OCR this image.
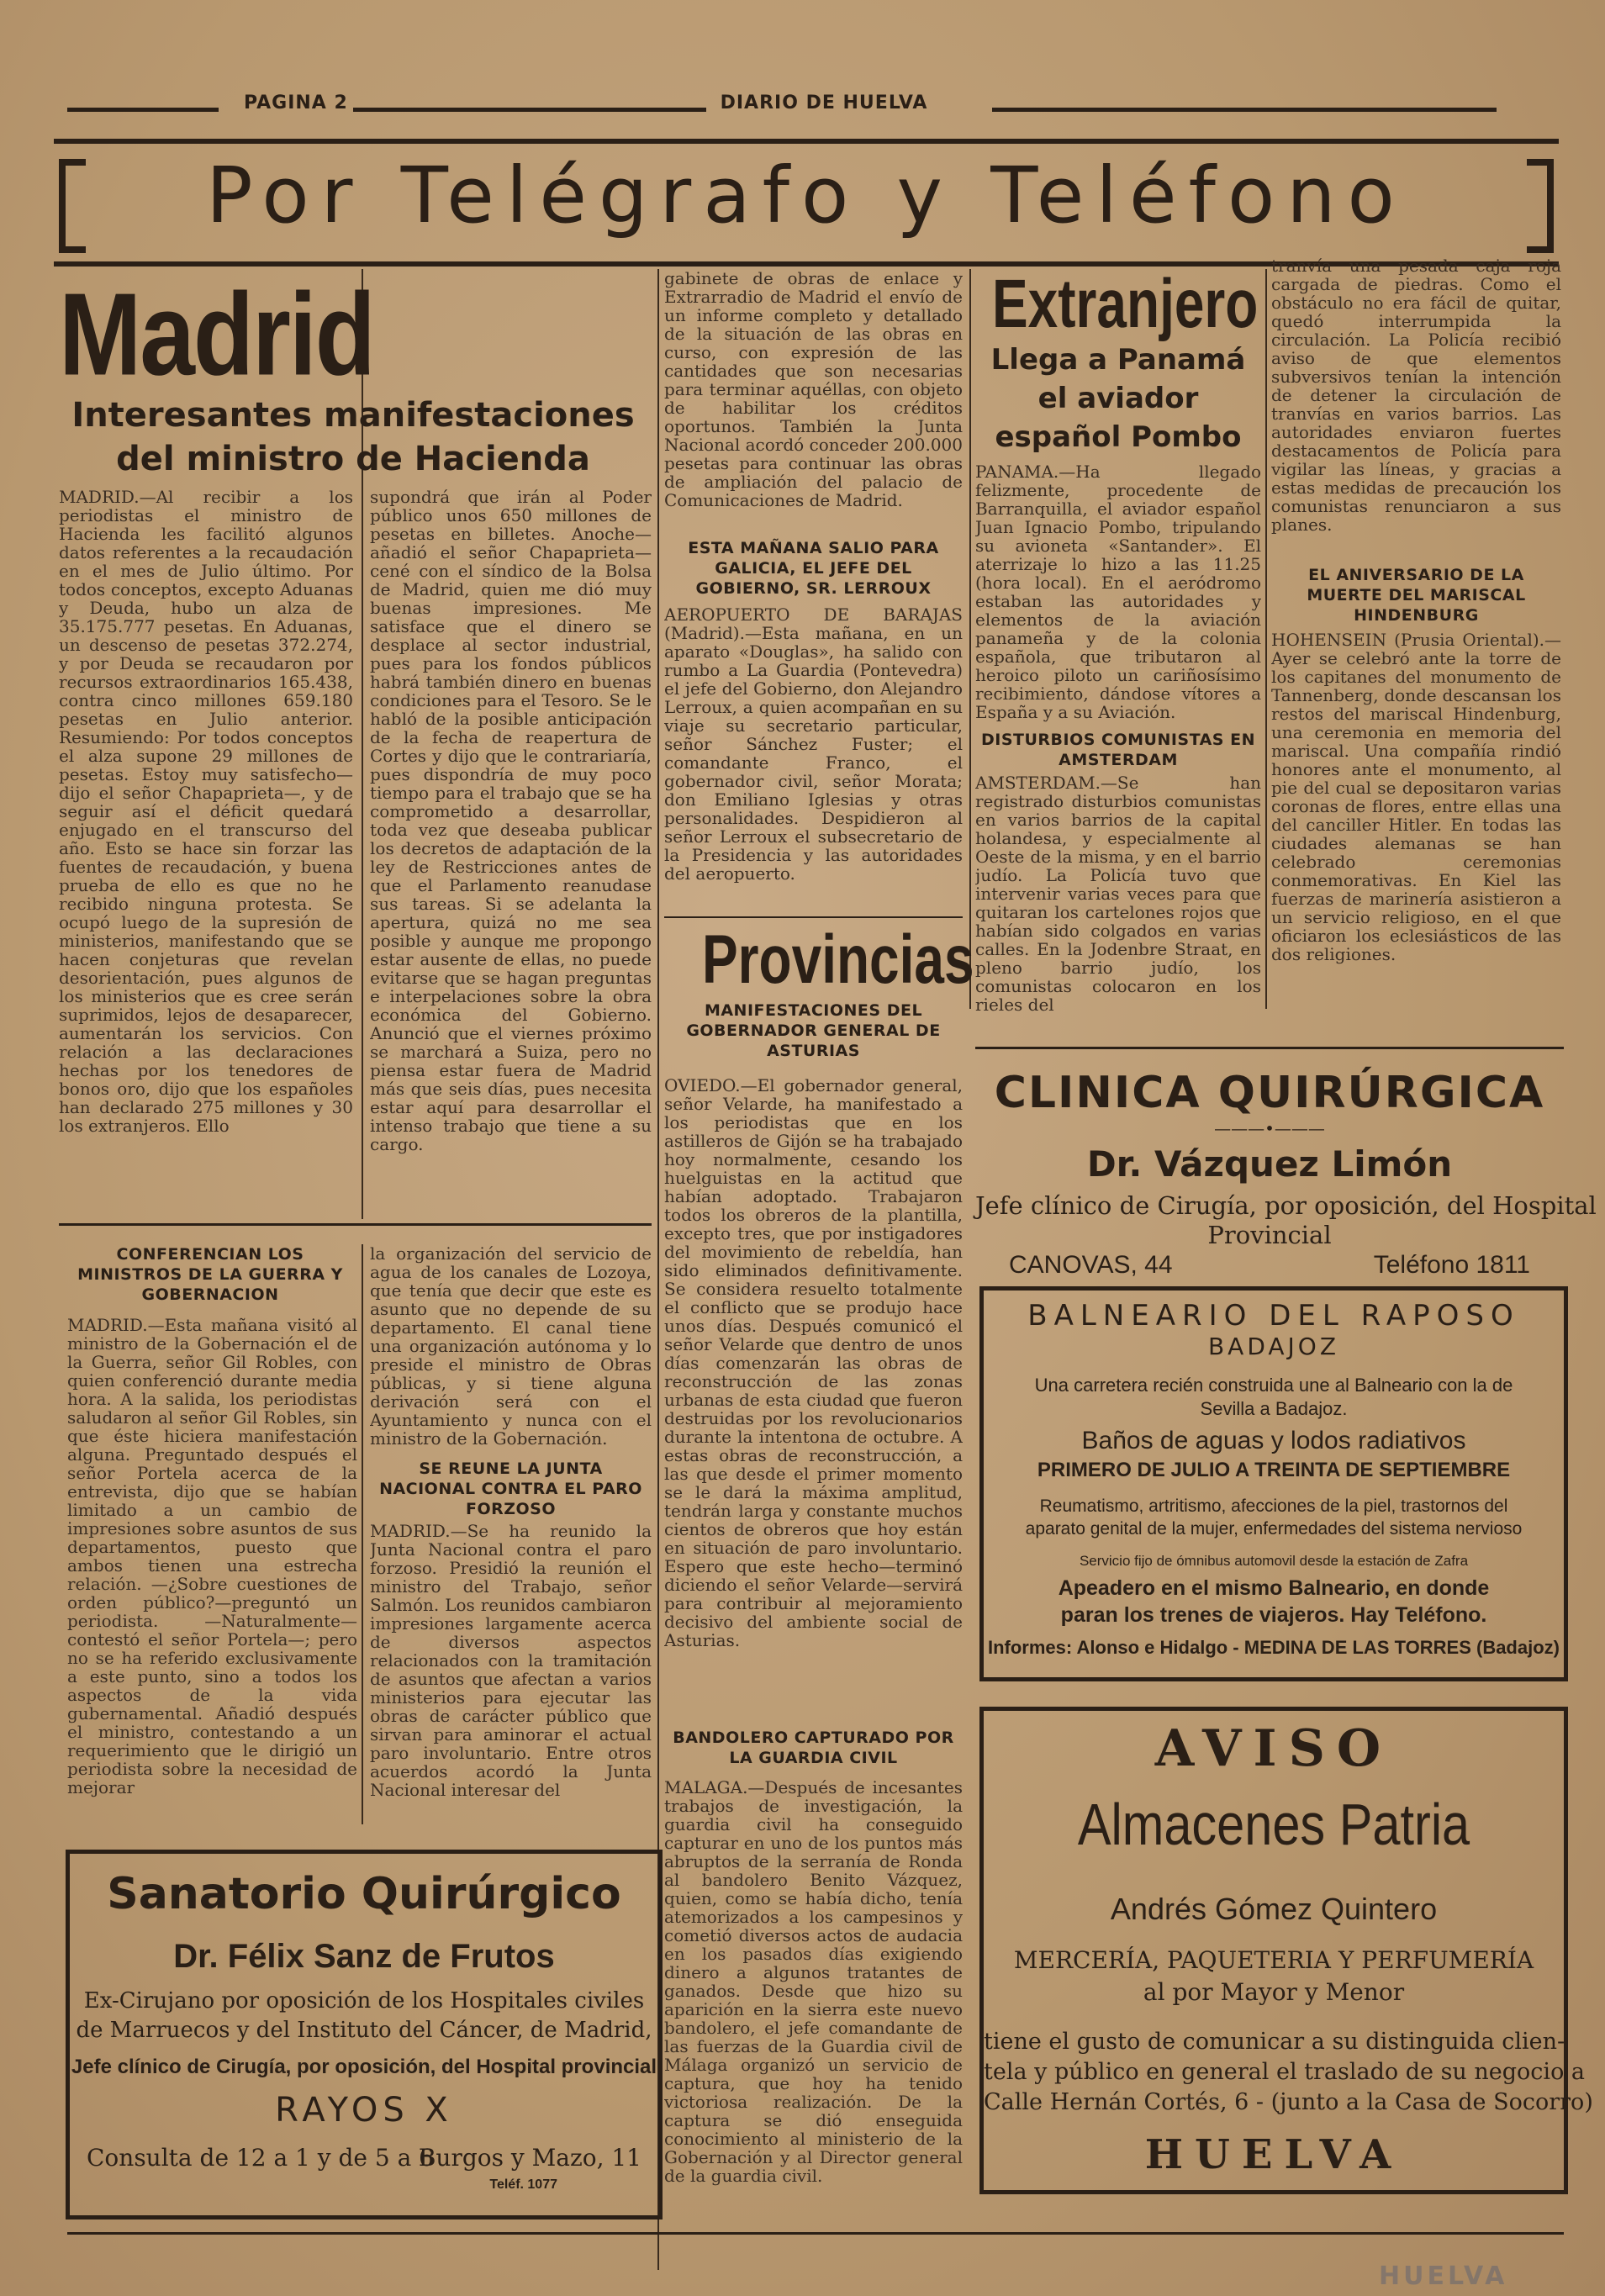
PAGINA 2	DIARIO DE HUELVA
Por Telégrafo y Teléfono
Madrid
Interesantes manifestaciones del ministro de Hacienda
MADRID.—Al recibir a los periodistas el ministro de Hacienda les facilitó algunos datos referentes a la recaudación en el mes de Julio último. Por todos conceptos, excepto Aduanas y Deuda, hubo un alza de 35.175.777 pesetas. En Aduanas, un descenso de pesetas 372.274, y por Deuda se recaudaron por recursos extraordinarios 165.438, contra cinco millones 659.180 pesetas en Julio anterior. Resumiendo: Por todos conceptos el alza supone 29 millones de pesetas. Estoy muy satisfecho—dijo el señor Chapaprieta—, y de seguir así el déficit quedará enjugado en el transcurso del año. Esto se hace sin forzar las fuentes de recaudación, y buena prueba de ello es que no he recibido ninguna protesta. Se ocupó luego de la supresión de ministerios, manifestando que se hacen conjeturas que revelan desorientación, pues algunos de los ministerios que es cree serán suprimidos, lejos de desaparecer, aumentarán los servicios. Con relación a las declaraciones hechas por los tenedores de bonos oro, dijo que los españoles han declarado 275 millones y 30 los extranjeros. Ello
supondrá que irán al Poder público unos 650 millones de pesetas en billetes. Anoche—añadió el señor Chapaprieta—cené con el síndico de la Bolsa de Madrid, quien me dió muy buenas impresiones. Me satisface que el dinero se desplace al sector industrial, pues para los fondos públicos habrá también dinero en buenas condiciones para el Tesoro. Se le habló de la posible anticipación de la fecha de reapertura de Cortes y dijo que le contrariaría, pues dispondría de muy poco tiempo para el trabajo que se ha comprometido a desarrollar, toda vez que deseaba publicar los decretos de adaptación de la ley de Restricciones antes de que el Parlamento reanudase sus tareas. Si se adelanta la apertura, quizá no me sea posible y aunque me propongo estar ausente de ellas, no puede evitarse que se hagan preguntas e interpelaciones sobre la obra económica del Gobierno. Anunció que el viernes próximo se marchará a Suiza, pero no piensa estar fuera de Madrid más que seis días, pues necesita estar aquí para desarrollar el intenso trabajo que tiene a su cargo.
CONFERENCIAN LOS MINISTROS DE LA GUERRA Y GOBERNACION
MADRID.—Esta mañana visitó al ministro de la Gobernación el de la Guerra, señor Gil Robles, con quien conferenció durante media hora. A la salida, los periodistas saludaron al señor Gil Robles, sin que éste hiciera manifestación alguna. Preguntado después el señor Portela acerca de la entrevista, dijo que se habían limitado a un cambio de impresiones sobre asuntos de sus departamentos, puesto que ambos tienen una estrecha relación. —¿Sobre cuestiones de orden público?—preguntó un periodista. —Naturalmente—contestó el señor Portela—; pero no se ha referido exclusivamente a este punto, sino a todos los aspectos de la vida gubernamental. Añadió después el ministro, contestando a un requerimiento que le dirigió un periodista sobre la necesidad de mejorar
la organización del servicio de agua de los canales de Lozoya, que tenía que decir que este es asunto que no depende de su departamento. El canal tiene una organización autónoma y lo preside el ministro de Obras públicas, y si tiene alguna derivación será con el Ayuntamiento y nunca con el ministro de la Gobernación.
SE REUNE LA JUNTA NACIONAL CONTRA EL PARO FORZOSO
MADRID.—Se ha reunido la Junta Nacional contra el paro forzoso. Presidió la reunión el ministro del Trabajo, señor Salmón. Los reunidos cambiaron impresiones largamente acerca de diversos aspectos relacionados con la tramitación de asuntos que afectan a varios ministerios para ejecutar las obras de carácter público que sirvan para aminorar el actual paro involuntario. Entre otros acuerdos acordó la Junta Nacional interesar del
gabinete de obras de enlace y Extrarradio de Madrid el envío de un informe completo y detallado de la situación de las obras en curso, con expresión de las cantidades que son necesarias para terminar aquéllas, con objeto de habilitar los créditos oportunos. También la Junta Nacional acordó conceder 200.000 pesetas para continuar las obras de ampliación del palacio de Comunicaciones de Madrid.
ESTA MAÑANA SALIO PARA GALICIA, EL JEFE DEL GOBIERNO, SR. LERROUX
AEROPUERTO DE BARAJAS (Madrid).—Esta mañana, en un aparato «Douglas», ha salido con rumbo a La Guardia (Pontevedra) el jefe del Gobierno, don Alejandro Lerroux, a quien acompañan en su viaje su secretario particular, señor Sánchez Fuster; el comandante Franco, el gobernador civil, señor Morata; don Emiliano Iglesias y otras personalidades. Despidieron al señor Lerroux el subsecretario de la Presidencia y las autoridades del aeropuerto.
Provincias
MANIFESTACIONES DEL GOBERNADOR GENERAL DE ASTURIAS
OVIEDO.—El gobernador general, señor Velarde, ha manifestado a los periodistas que en los astilleros de Gijón se ha trabajado hoy normalmente, cesando los huelguistas en la actitud que habían adoptado. Trabajaron todos los obreros de la plantilla, excepto tres, que por instigadores del movimiento de rebeldía, han sido eliminados definitivamente. Se considera resuelto totalmente el conflicto que se produjo hace unos días. Después comunicó el señor Velarde que dentro de unos días comenzarán las obras de reconstrucción de las zonas urbanas de esta ciudad que fueron destruidas por los revolucionarios durante la intentona de octubre. A estas obras de reconstrucción, a las que desde el primer momento se le dará la máxima amplitud, tendrán larga y constante muchos cientos de obreros que hoy están en situación de paro involuntario. Espero que este hecho—terminó diciendo el señor Velarde—servirá para contribuir al mejoramiento decisivo del ambiente social de Asturias.
BANDOLERO CAPTURADO POR LA GUARDIA CIVIL
MALAGA.—Después de incesantes trabajos de investigación, la guardia civil ha conseguido capturar en uno de los puntos más abruptos de la serranía de Ronda al bandolero Benito Vázquez, quien, como se había dicho, tenía atemorizados a los campesinos y cometió diversos actos de audacia en los pasados días exigiendo dinero a algunos tratantes de ganados. Desde que hizo su aparición en la sierra este nuevo bandolero, el jefe comandante de las fuerzas de la Guardia civil de Málaga organizó un servicio de captura, que hoy ha tenido victoriosa realización. De la captura se dió enseguida conocimiento al ministerio de la Gobernación y al Director general de la guardia civil.
Extranjero
Llega a Panamá el aviador español Pombo
PANAMA.—Ha llegado felizmente, procedente de Barranquilla, el aviador español Juan Ignacio Pombo, tripulando su avioneta «Santander». El aterrizaje lo hizo a las 11.25 (hora local). En el aeródromo estaban las autoridades y elementos de la aviación panameña y de la colonia española, que tributaron al heroico piloto un cariñosísimo recibimiento, dándose vítores a España y a su Aviación.
DISTURBIOS COMUNISTAS EN AMSTERDAM
AMSTERDAM.—Se han registrado disturbios comunistas en varios barrios de la capital holandesa, y especialmente al Oeste de la misma, y en el barrio judío. La Policía tuvo que intervenir varias veces para que quitaran los cartelones rojos que habían sido colgados en varias calles. En la Jodenbre Straat, en pleno barrio judío, los comunistas colocaron en los rieles del
tranvía una pesada caja roja cargada de piedras. Como el obstáculo no era fácil de quitar, quedó interrumpida la circulación. La Policía recibió aviso de que elementos subversivos tenían la intención de detener la circulación de tranvías en varios barrios. Las autoridades enviaron fuertes destacamentos de Policía para vigilar las líneas, y gracias a estas medidas de precaución los comunistas renunciaron a sus planes.
EL ANIVERSARIO DE LA MUERTE DEL MARISCAL HINDENBURG
HOHENSEIN (Prusia Oriental).—Ayer se celebró ante la torre de los capitanes del monumento de Tannenberg, donde descansan los restos del mariscal Hindenburg, una ceremonia en memoria del mariscal. Una compañía rindió honores ante el monumento, al pie del cual se depositaron varias coronas de flores, entre ellas una del canciller Hitler. En todas las ciudades alemanas se han celebrado ceremonias conmemorativas. En Kiel las fuerzas de marinería asistieron a un servicio religioso, en el que oficiaron los eclesiásticos de las dos religiones.
CLINICA QUIRÚRGICA
———•———
Dr. Vázquez Limón
Jefe clínico de Cirugía, por oposición, del Hospital
Provincial
CANOVAS, 44	Teléfono 1811
BALNEARIO DEL RAPOSO
BADAJOZ
Una carretera recién construida une al Balneario con la de
Sevilla a Badajoz.
Baños de aguas y lodos radiativos
PRIMERO DE JULIO A TREINTA DE SEPTIEMBRE
Reumatismo, artritismo, afecciones de la piel, trastornos del
aparato genital de la mujer, enfermedades del sistema nervioso
Servicio fijo de ómnibus automovil desde la estación de Zafra
Apeadero en el mismo Balneario, en donde
paran los trenes de viajeros. Hay Teléfono.
Informes: Alonso e Hidalgo - MEDINA DE LAS TORRES (Badajoz)
Sanatorio Quirúrgico
Dr. Félix Sanz de Frutos
Ex-Cirujano por oposición de los Hospitales civiles
de Marruecos y del Instituto del Cáncer, de Madrid,
Jefe clínico de Cirugía, por oposición, del Hospital provincial
RAYOS X
Consulta de 12 a 1 y de 5 a 6
Burgos y Mazo, 11
Teléf. 1077
AVISO
Almacenes Patria
Andrés Gómez Quintero
MERCERÍA, PAQUETERIA Y PERFUMERÍA
al por Mayor y Menor
tiene el gusto de comunicar a su distinguida clien-
tela y público en general el traslado de su negocio a
Calle Hernán Cortés, 6 - (junto a la Casa de Socorro)
HUELVA
HUELVA
